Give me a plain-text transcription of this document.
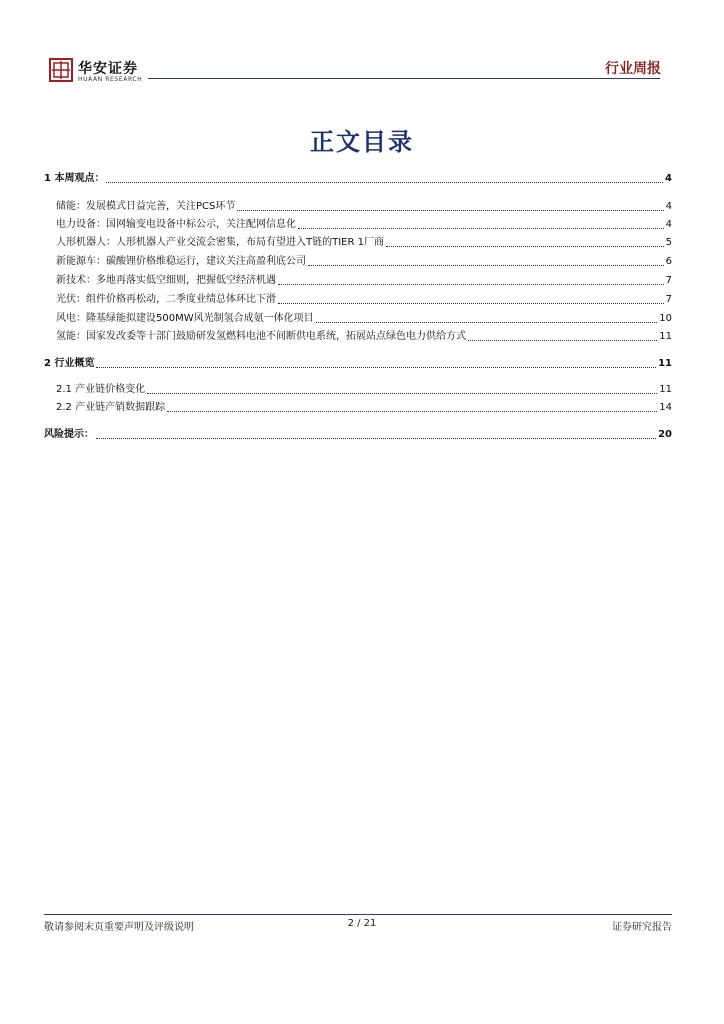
华安证券
HUAAN RESEARCH
行业周报
正文目录
1 本周观点：	4
储能：发展模式日益完善，关注PCS环节	4
电力设备：国网输变电设备中标公示，关注配网信息化	4
人形机器人：人形机器人产业交流会密集，布局有望进入T链的TIER 1厂商	5
新能源车：碳酸锂价格维稳运行，建议关注高盈利底公司	6
新技术：多地再落实低空细则，把握低空经济机遇	7
光伏：组件价格再松动，二季度业绩总体环比下滑	7
风电：隆基绿能拟建设500MW风光制氢合成氨一体化项目	10
氢能：国家发改委等十部门鼓励研发氢燃料电池不间断供电系统，拓展站点绿色电力供给方式	11
2 行业概览	11
2.1 产业链价格变化	11
2.2 产业链产销数据跟踪	14
风险提示：	20
敬请参阅末页重要声明及评级说明	2 / 21	证券研究报告
